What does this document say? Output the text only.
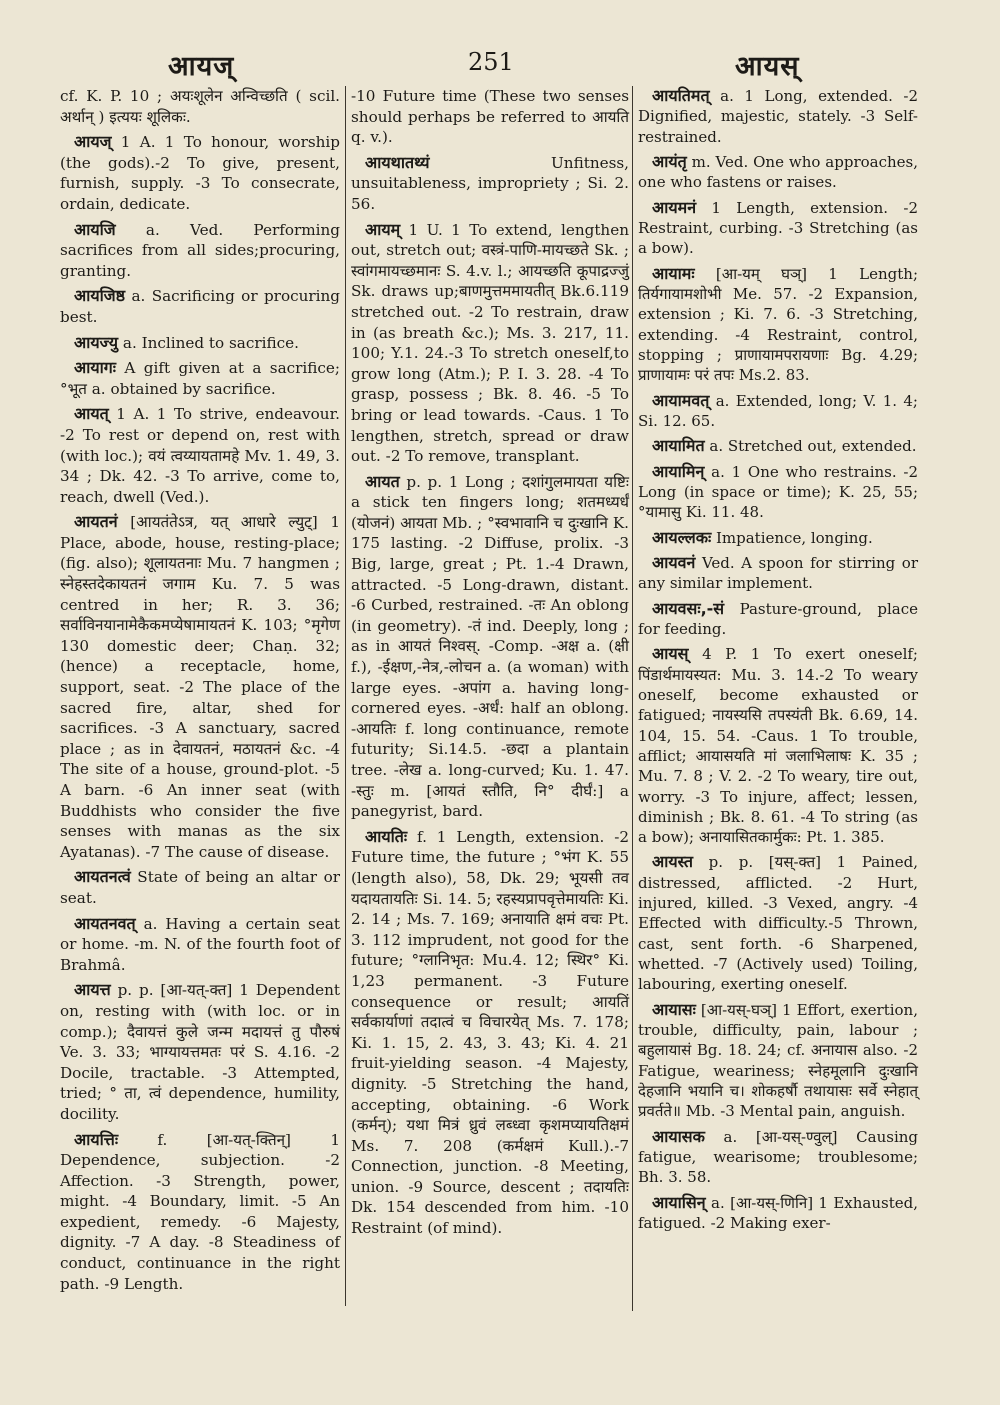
आयज्	251	आयस्

cf. K. P. 10 ; अयःशूलेन अन्विच्छति ( scil. अर्थान् ) इत्ययः शूलिकः.

आयज् 1 A. 1 To honour, worship (the gods).-2 To give, present, furnish, supply. -3 To consecrate, ordain, dedicate.

आयजि a. Ved. Performing sacrifices from all sides;procuring, granting.

आयजिष्ठ a. Sacrificing or procuring best.

आयज्यु a. Inclined to sacrifice.

आयागः A gift given at a sacrifice; °भूत a. obtained by sacrifice.

आयत् 1 A. 1 To strive, endeavour. -2 To rest or depend on, rest with (with loc.); वयं त्वय्यायतामहे Mv. 1. 49, 3. 34 ; Dk. 42. -3 To arrive, come to, reach, dwell (Ved.).

आयतनं [आयतंतेऽत्र, यत् आधारे ल्युट्] 1 Place, abode, house, resting-place; (fig. also); शूलायतनाः Mu. 7 hangmen ; स्नेहस्तदेकायतनं जगाम Ku. 7. 5 was centred in her; R. 3. 36; सर्वाविनयानामेकैकमप्येषामायतनं K. 103; °मृगेण 130 domestic deer; Chaṇ. 32; (hence) a receptacle, home, support, seat. -2 The place of the sacred fire, altar, shed for sacrifices. -3 A sanctuary, sacred place ; as in देवायतनं, मठायतनं &c. -4 The site of a house, ground-plot. -5 A barn. -6 An inner seat (with Buddhists who consider the five senses with manas as the six Ayatanas). -7 The cause of disease.

आयतनत्वं State of being an altar or seat.

आयतनवत् a. Having a certain seat or home. -m. N. of the fourth foot of Brahmâ.

आयत्त p. p. [आ-यत्-क्त] 1 Dependent on, resting with (with loc. or in comp.); दैवायत्तं कुले जन्म मदायत्तं तु पौरुषं Ve. 3. 33; भाग्यायत्तमतः परं S. 4.16. -2 Docile, tractable. -3 Attempted, tried; ° ता, त्वं dependence, humility, docility.

आयत्तिः f. [आ-यत्-क्तिन्] 1 Dependence, subjection. -2 Affection. -3 Strength, power, might. -4 Boundary, limit. -5 An expedient, remedy. -6 Majesty, dignity. -7 A day. -8 Steadiness of conduct, continuance in the right path. -9 Length.

-10 Future time (These two senses should perhaps be referred to आयति q. v.).

आयथातथ्यं Unfitness, unsuitableness, impropriety ; Si. 2. 56.

आयम् 1 U. 1 To extend, lengthen out, stretch out; वस्त्रं-पाणि-मायच्छते Sk. ; स्वांगमायच्छमानः S. 4.v. l.; आयच्छति कूपाद्रज्जुं Sk. draws up;बाणमुत्तममायतीत् Bk.6.119 stretched out. -2 To restrain, draw in (as breath &c.); Ms. 3. 217, 11. 100; Y.1. 24.-3 To stretch oneself,to grow long (Atm.); P. I. 3. 28. -4 To grasp, possess ; Bk. 8. 46. -5 To bring or lead towards. -Caus. 1 To lengthen, stretch, spread or draw out. -2 To remove, transplant.

आयत p. p. 1 Long ; दशांगुलमायता यष्टिः a stick ten fingers long; शतमध्यर्धं (योजनं) आयता Mb. ; °स्वभावानि च दुःखानि K. 175 lasting. -2 Diffuse, prolix. -3 Big, large, great ; Pt. 1.-4 Drawn, attracted. -5 Long-drawn, distant. -6 Curbed, restrained. -तः An oblong (in geometry). -तं ind. Deeply, long ; as in आयतं निश्वस्. -Comp. -अक्ष a. (क्षी f.), -ईक्षण,-नेत्र,-लोचन a. (a woman) with large eyes. -अपांग a. having long-cornered eyes. -अर्धं: half an oblong. -आयतिः f. long continuance, remote futurity; Si.14.5. -छदा a plantain tree. -लेख a. long-curved; Ku. 1. 47. -स्तुः m. [आयतं स्तौति, नि° दीर्घं:] a panegyrist, bard.

आयतिः f. 1 Length, extension. -2 Future time, the future ; °भंग K. 55 (length also), 58, Dk. 29; भूयसी तव यदायतायतिः Si. 14. 5; रहस्यप्रापवृत्तेमायतिः Ki. 2. 14 ; Ms. 7. 169; अनायाति क्षमं वचः Pt. 3. 112 imprudent, not good for the future; °ग्लानिभृत: Mu.4. 12; स्थिर° Ki. 1,23 permanent. -3 Future consequence or result; आयतिं सर्वकार्याणां तदात्वं च विचारयेत् Ms. 7. 178; Ki. 1. 15, 2. 43, 3. 43; Ki. 4. 21 fruit-yielding season. -4 Majesty, dignity. -5 Stretching the hand, accepting, obtaining. -6 Work (कर्मन्); यथा मित्रं ध्रुवं लब्ध्वा कृशमप्यायतिक्षमं Ms. 7. 208 (कर्मक्षमं Kull.).-7 Connection, junction. -8 Meeting, union. -9 Source, descent ; तदायतिः Dk. 154 descended from him. -10 Restraint (of mind).

आयतिमत् a. 1 Long, extended. -2 Dignified, majestic, stately. -3 Self-restrained.

आयंतृ m. Ved. One who approaches, one who fastens or raises.

आयमनं 1 Length, extension. -2 Restraint, curbing. -3 Stretching (as a bow).

आयामः [आ-यम् घञ्] 1 Length; तिर्यगायामशोभी Me. 57. -2 Expansion, extension ; Ki. 7. 6. -3 Stretching, extending. -4 Restraint, control, stopping ; प्राणायामपरायणाः Bg. 4.29; प्राणायामः परं तपः Ms.2. 83.

आयामवत् a. Extended, long; V. 1. 4; Si. 12. 65.

आयामित a. Stretched out, extended.

आयामिन् a. 1 One who restrains. -2 Long (in space or time); K. 25, 55; °यामासु Ki. 11. 48.

आयल्लकः Impatience, longing.

आयवनं Ved. A spoon for stirring or any similar implement.

आयवसः,-सं Pasture-ground, place for feeding.

आयस् 4 P. 1 To exert oneself; पिंडार्थमायस्यत: Mu. 3. 14.-2 To weary oneself, become exhausted or fatigued; नायस्यसि तपस्यंती Bk. 6.69, 14. 104, 15. 54. -Caus. 1 To trouble, afflict; आयासयति मां जलाभिलाषः K. 35 ; Mu. 7. 8 ; V. 2. -2 To weary, tire out, worry. -3 To injure, affect; lessen, diminish ; Bk. 8. 61. -4 To string (as a bow); अनायासितकार्मुकः: Pt. 1. 385.

आयस्त p. p. [यस्-क्त] 1 Pained, distressed, afflicted. -2 Hurt, injured, killed. -3 Vexed, angry. -4 Effected with difficulty.-5 Thrown, cast, sent forth. -6 Sharpened, whetted. -7 (Actively used) Toiling, labouring, exerting oneself.

आयासः [आ-यस्-घञ्] 1 Effort, exertion, trouble, difficulty, pain, labour ; बहुलायासं Bg. 18. 24; cf. अनायास also. -2 Fatigue, weariness; स्नेहमूलानि दुःखानि देहजानि भयानि च। शोकहर्षौ तथायासः सर्वे स्नेहात् प्रवर्तते॥ Mb. -3 Mental pain, anguish.

आयासक a. [आ-यस्-ण्वुल्] Causing fatigue, wearisome; troublesome; Bh. 3. 58.

आयासिन् a. [आ-यस्-णिनि] 1 Exhausted, fatigued. -2 Making exer-
